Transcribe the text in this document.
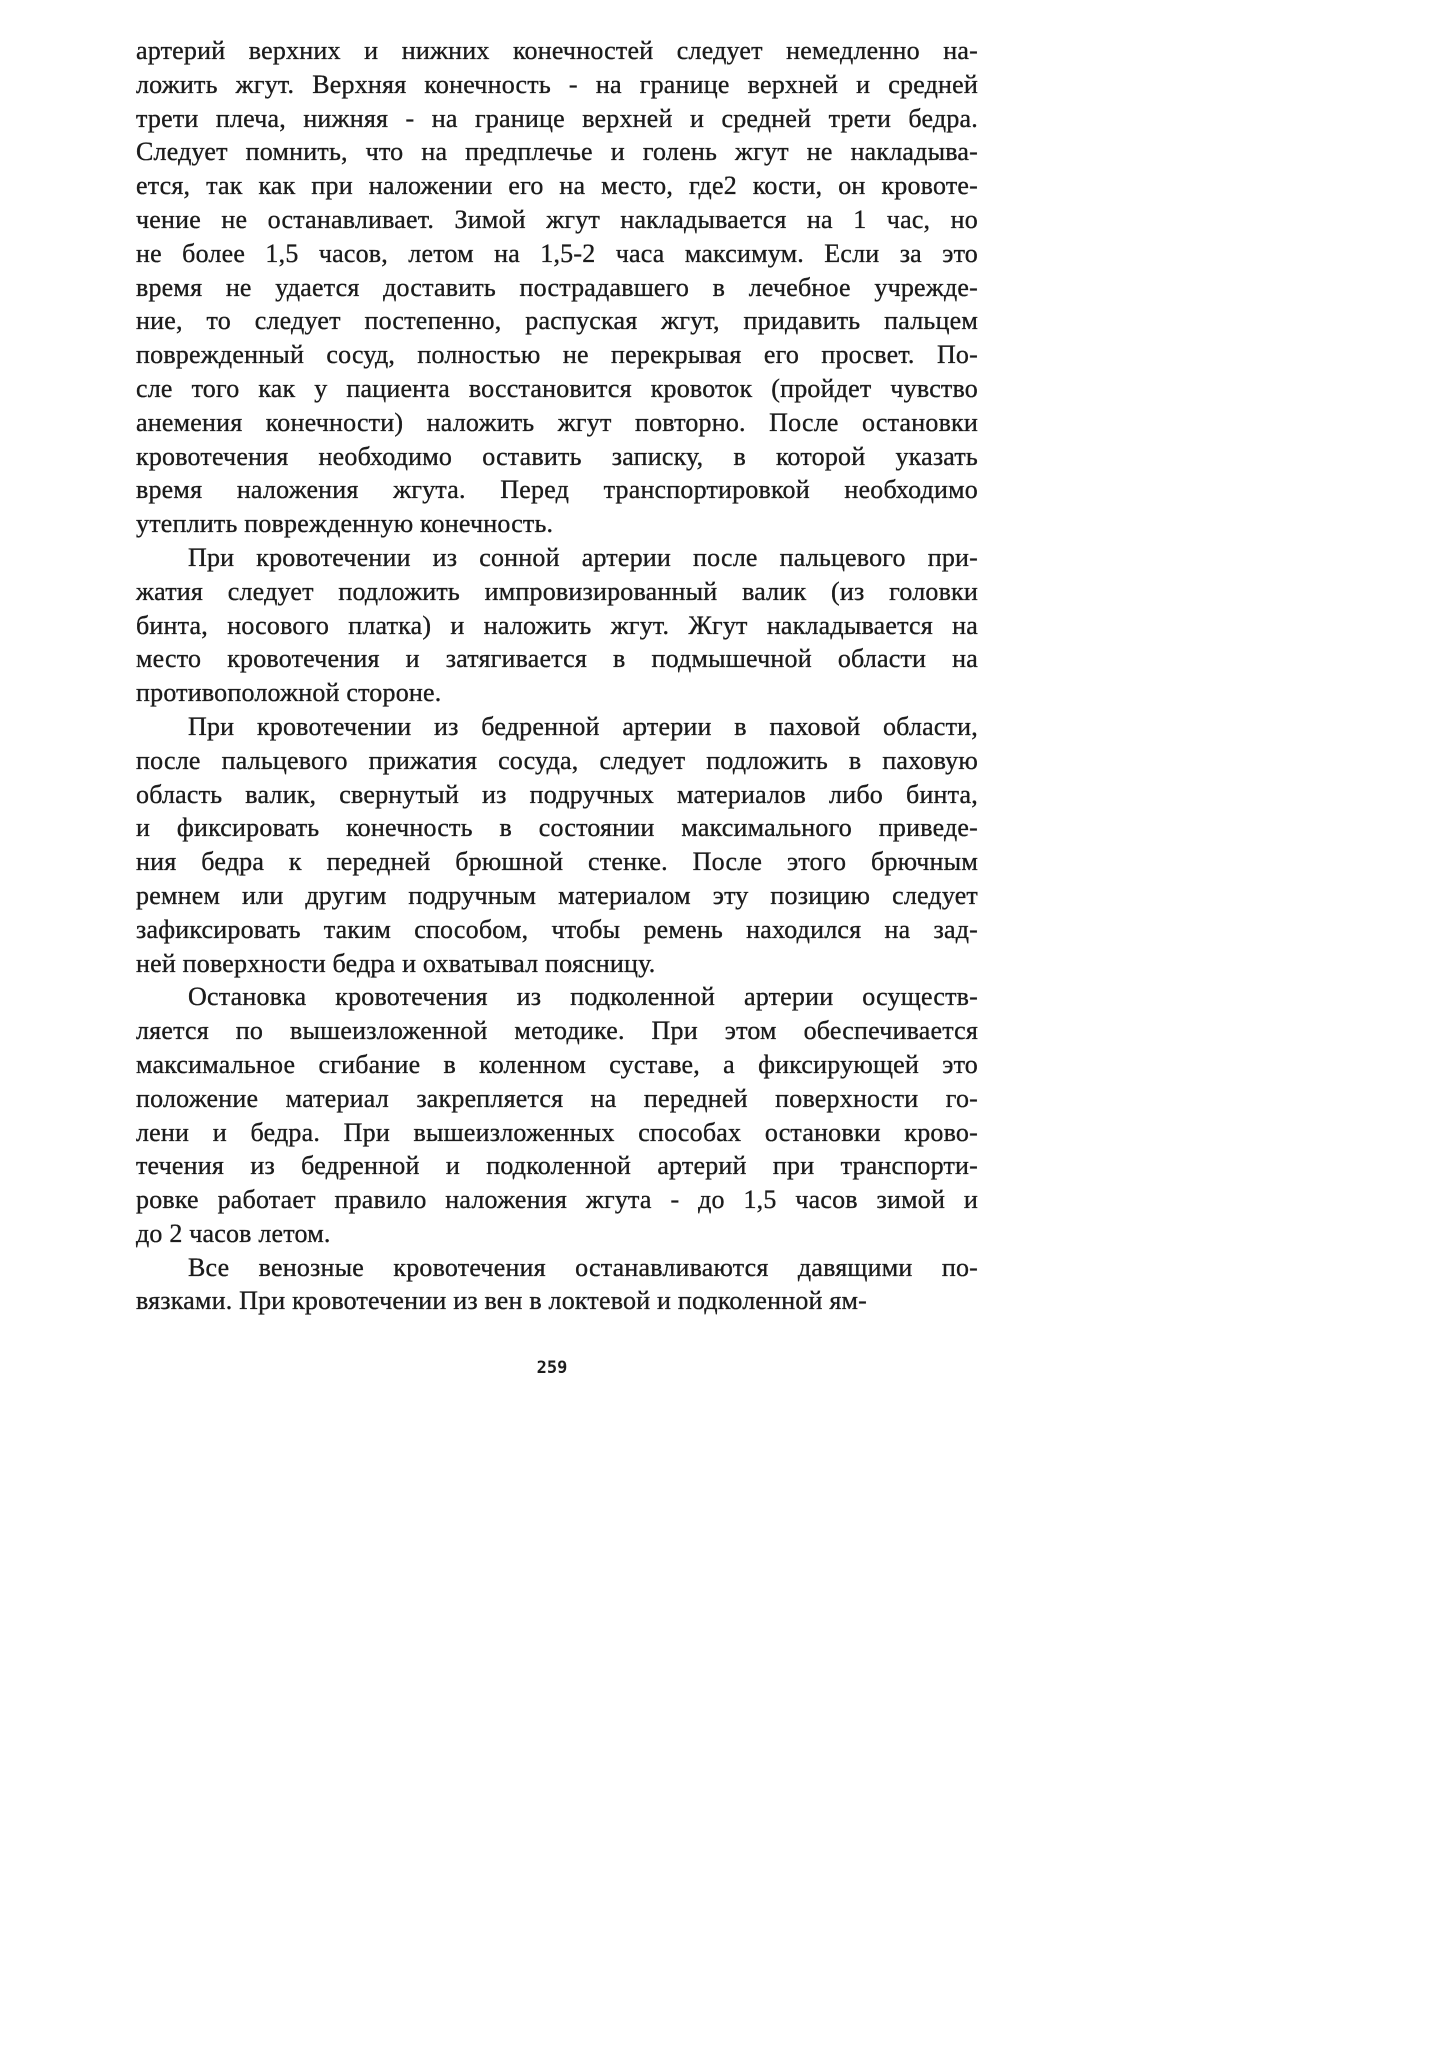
артерий верхних и нижних конечностей следует немедленно на-
ложить жгут. Верхняя конечность - на границе верхней и средней
трети плеча, нижняя - на границе верхней и средней трети бедра.
Следует помнить, что на предплечье и голень жгут не накладыва-
ется, так как при наложении его на место, где2 кости, он кровоте-
чение не останавливает. Зимой жгут накладывается на 1 час, но
не более 1,5 часов, летом на 1,5-2 часа максимум. Если за это
время не удается доставить пострадавшего в лечебное учрежде-
ние, то следует постепенно, распуская жгут, придавить пальцем
поврежденный сосуд, полностью не перекрывая его просвет. По-
сле того как у пациента восстановится кровоток (пройдет чувство
анемения конечности) наложить жгут повторно. После остановки
кровотечения необходимо оставить записку, в которой указать
время наложения жгута. Перед транспортировкой необходимо
утеплить поврежденную конечность.
При кровотечении из сонной артерии после пальцевого при-
жатия следует подложить импровизированный валик (из головки
бинта, носового платка) и наложить жгут. Жгут накладывается на
место кровотечения и затягивается в подмышечной области на
противоположной стороне.
При кровотечении из бедренной артерии в паховой области,
после пальцевого прижатия сосуда, следует подложить в паховую
область валик, свернутый из подручных материалов либо бинта,
и фиксировать конечность в состоянии максимального приведе-
ния бедра к передней брюшной стенке. После этого брючным
ремнем или другим подручным материалом эту позицию следует
зафиксировать таким способом, чтобы ремень находился на зад-
ней поверхности бедра и охватывал поясницу.
Остановка кровотечения из подколенной артерии осуществ-
ляется по вышеизложенной методике. При этом обеспечивается
максимальное сгибание в коленном суставе, а фиксирующей это
положение материал закрепляется на передней поверхности го-
лени и бедра. При вышеизложенных способах остановки крово-
течения из бедренной и подколенной артерий при транспорти-
ровке работает правило наложения жгута - до 1,5 часов зимой и
до 2 часов летом.
Все венозные кровотечения останавливаются давящими по-
вязками. При кровотечении из вен в локтевой и подколенной ям-
259
